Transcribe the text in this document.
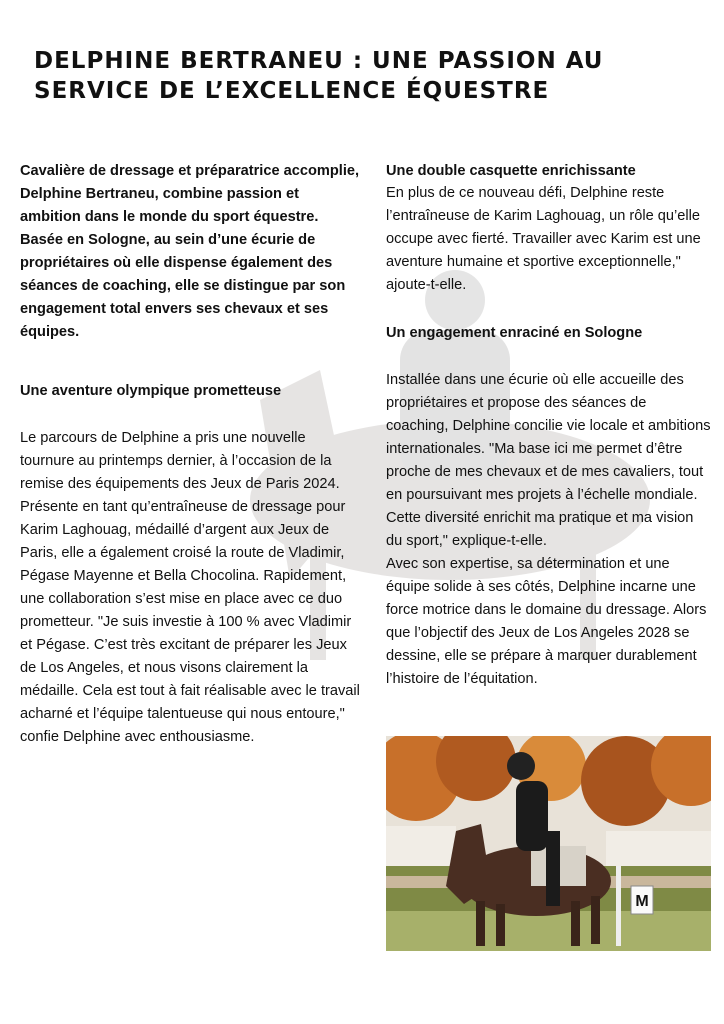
DELPHINE BERTRANEU : UNE PASSION AU SERVICE DE L’EXCELLENCE ÉQUESTRE

Cavalière de dressage et préparatrice accomplie, Delphine Bertraneu, combine passion et ambition dans le monde du sport équestre. Basée en Sologne, au sein d’une écurie de propriétaires où elle dispense également des séances de coaching, elle se distingue par son engagement total envers ses chevaux et ses équipes.

Une aventure olympique prometteuse

Le parcours de Delphine a pris une nouvelle tournure au printemps dernier, à l’occasion de la remise des équipements des Jeux de Paris 2024. Présente en tant qu’entraîneuse de dressage pour Karim Laghouag, médaillé d’argent aux Jeux de Paris, elle a également croisé la route de Vladimir, Pégase Mayenne et Bella Chocolina. Rapidement, une collaboration s’est mise en place avec ce duo prometteur. "Je suis investie à 100 % avec Vladimir et Pégase. C’est très excitant de préparer les Jeux de Los Angeles, et nous visons clairement la médaille. Cela est tout à fait réalisable avec le travail acharné et l’équipe talentueuse qui nous entoure," confie Delphine avec enthousiasme.

Une double casquette enrichissante

En plus de ce nouveau défi, Delphine reste l’entraîneuse de Karim Laghouag, un rôle qu’elle occupe avec fierté. Travailler avec Karim est une aventure humaine et sportive exceptionnelle," ajoute-t-elle.

Un engagement enraciné en Sologne

Installée dans une écurie où elle accueille des propriétaires et propose des séances de coaching, Delphine concilie vie locale et ambitions internationales. "Ma base ici me permet d’être proche de mes chevaux et de mes cavaliers, tout en poursuivant mes projets à l’échelle mondiale. Cette diversité enrichit ma pratique et ma vision du sport," explique-t-elle.

Avec son expertise, sa détermination et une équipe solide à ses côtés, Delphine incarne une force motrice dans le domaine du dressage. Alors que l’objectif des Jeux de Los Angeles 2028 se dessine, elle se prépare à marquer durablement l’histoire de l’équitation.

M
